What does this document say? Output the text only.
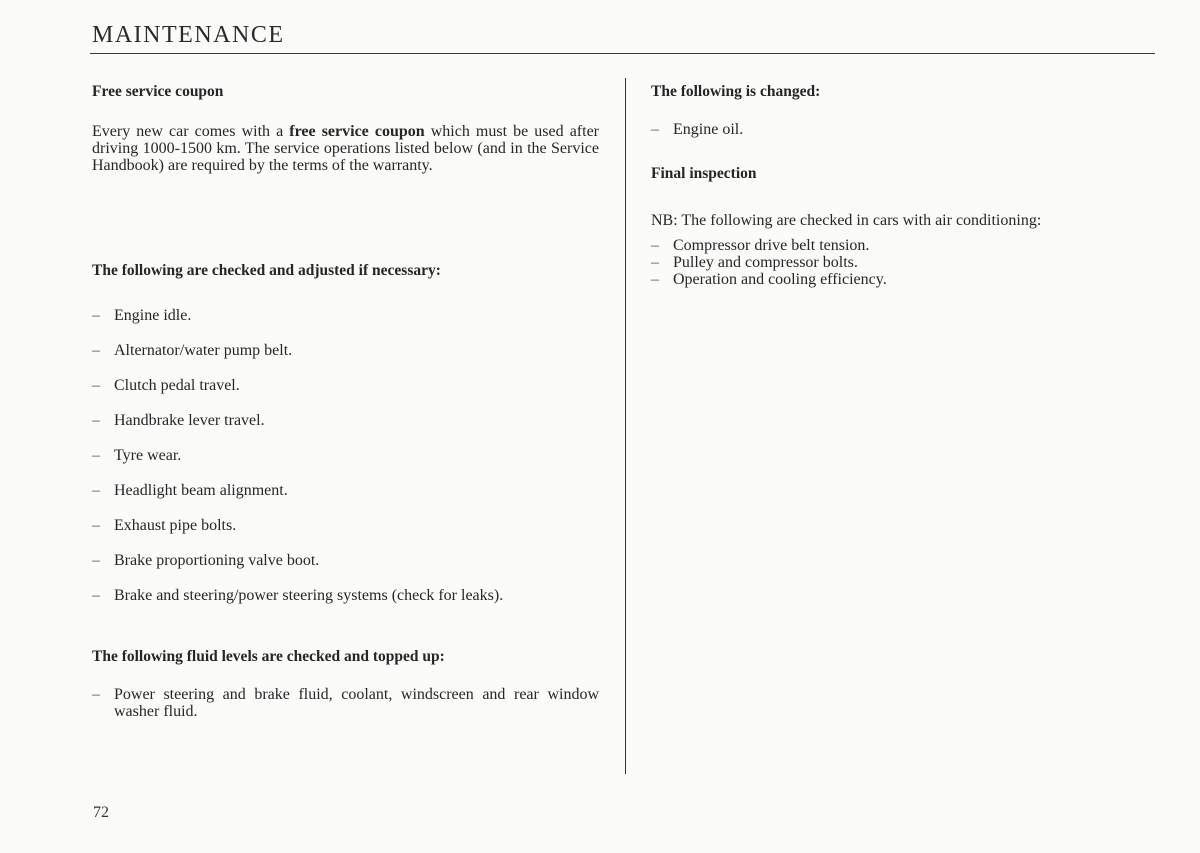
MAINTENANCE
Free service coupon

Every new car comes with a free service coupon which must be used after driving 1000-1500 km. The service operations listed below (and in the Service Handbook) are required by the terms of the warranty.

The following are checked and adjusted if necessary:
– Engine idle.
– Alternator/water pump belt.
– Clutch pedal travel.
– Handbrake lever travel.
– Tyre wear.
– Headlight beam alignment.
– Exhaust pipe bolts.
– Brake proportioning valve boot.
– Brake and steering/power steering systems (check for leaks).
The following fluid levels are checked and topped up:
– Power steering and brake fluid, coolant, windscreen and rear window washer fluid.
The following is changed:
– Engine oil.
Final inspection

NB: The following are checked in cars with air conditioning:

– Compressor drive belt tension.
– Pulley and compressor bolts.
– Operation and cooling efficiency.
72
